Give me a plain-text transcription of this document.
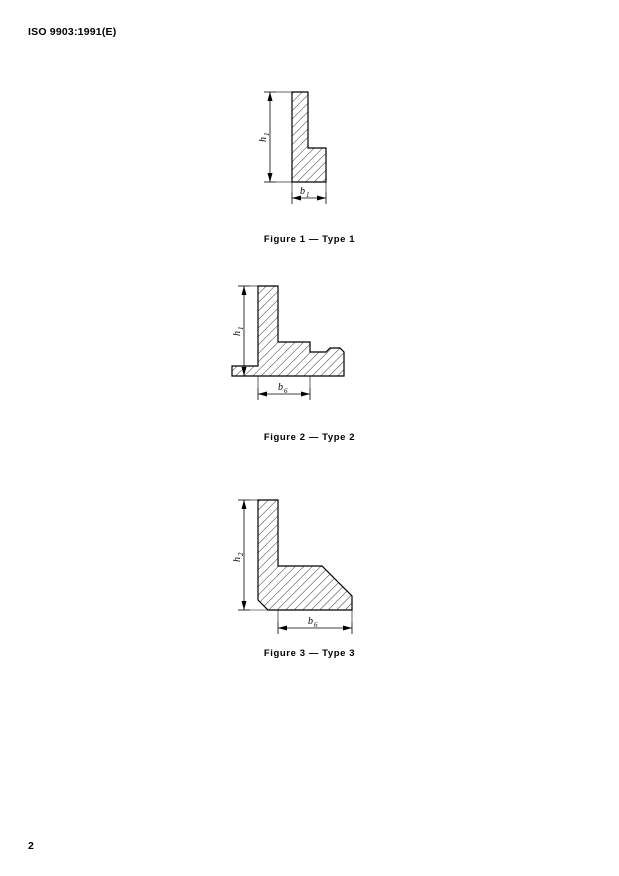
ISO 9903:1991(E)
h
1
b 1
Figure 1 — Type 1
h
1
b 6
Figure 2 — Type 2
h
2
b 6
Figure 3 — Type 3
2
